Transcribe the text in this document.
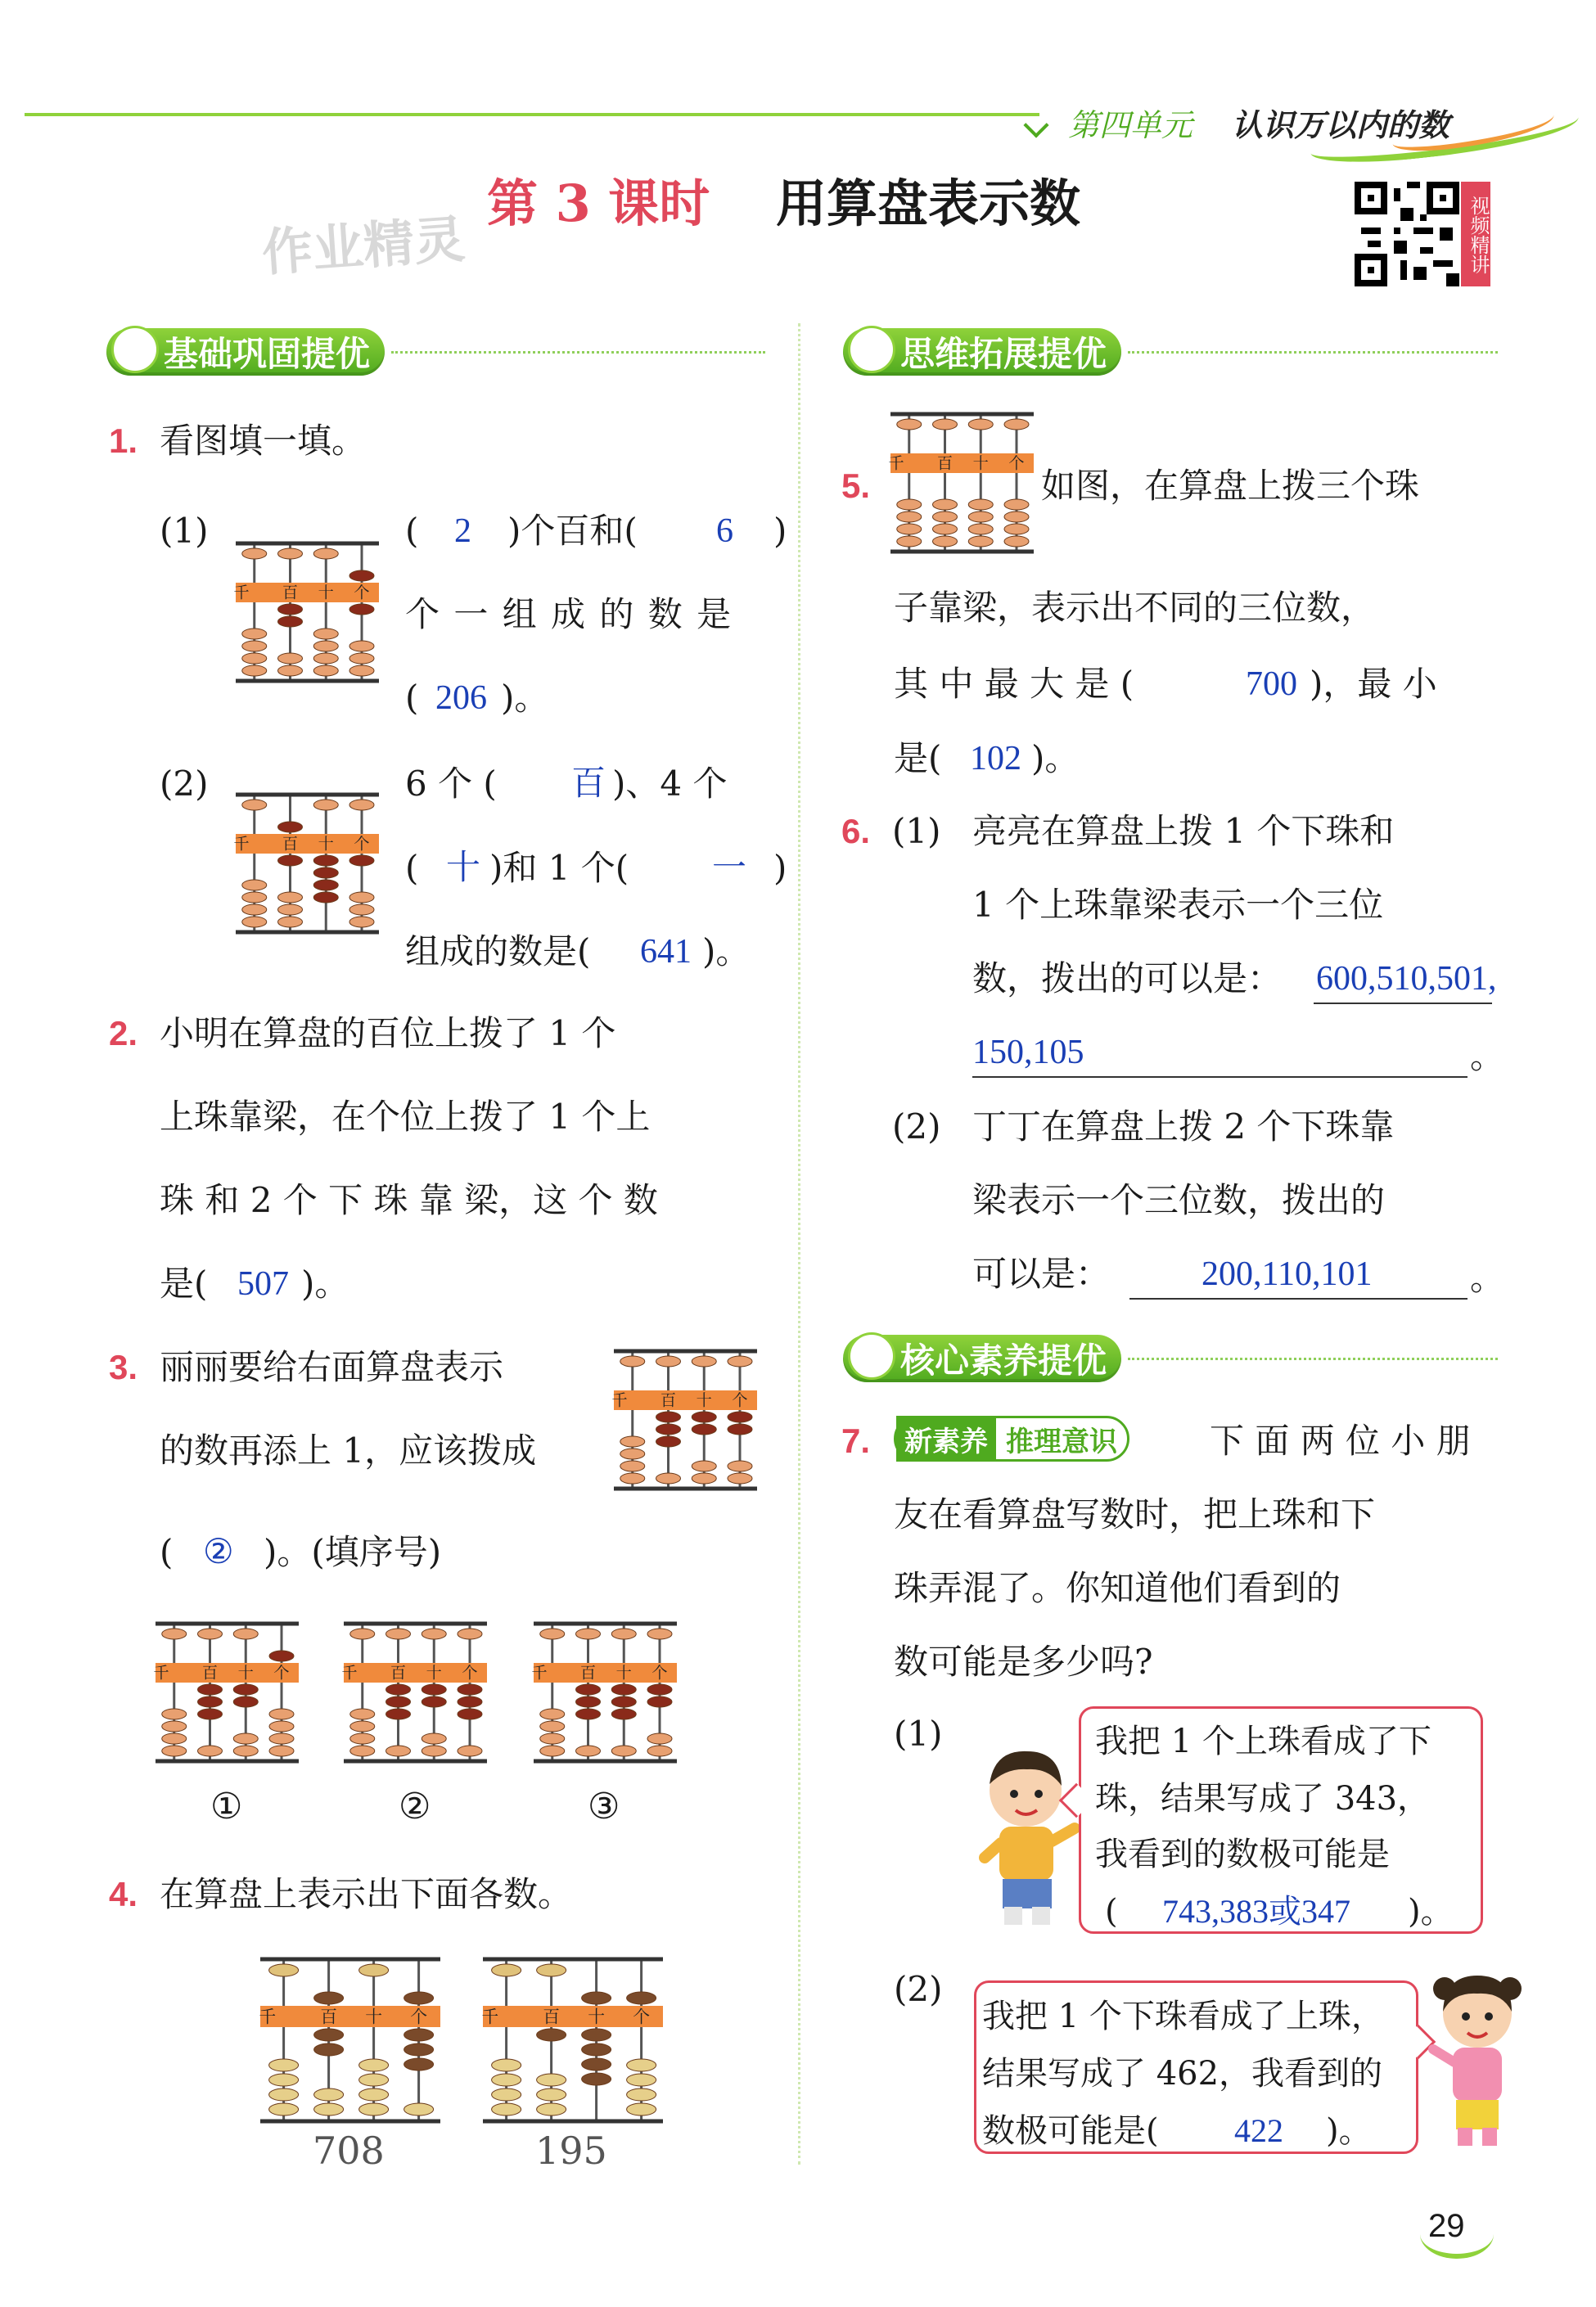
第四单元 认识万以内的数
作业精灵
第 3 课时 用算盘表示数	视频精讲
基础巩固提优	思维拓展提优
核心素养提优
1. 看图填一填。
(1)
千 百 十 个
( 2 )个百和( 6 )
个 一 组 成 的 数 是
( 206 )。
(2)
千 百 十 个
6 个 ( 百 )、4 个
( 十 )和 1 个( 一 )
组成的数是( 641 )。
2. 小明在算盘的百位上拨了 1 个
上珠靠梁，在个位上拨了 1 个上
珠 和 2 个 下 珠 靠 梁，这 个 数
是( 507 )。
3. 丽丽要给右面算盘表示
的数再添上 1，应该拨成
千 百 十 个
( ② )。(填序号)
千 百 十 个	千 百 十 个	千 百 十 个
①	②	③
4. 在算盘上表示出下面各数。
千	百 十 个	千	百 十 个
708	195
千 百 十 个
5.	如图，在算盘上拨三个珠
子靠梁，表示出不同的三位数，
其 中 最 大 是 (	700 )，最 小
是( 102 )。
6. (1) 亮亮在算盘上拨 1 个下珠和
1 个上珠靠梁表示一个三位
数，拨出的可以是： 600,510,501,
150,105	。
(2) 丁丁在算盘上拨 2 个下珠靠
梁表示一个三位数，拨出的
可以是：	200,110,101	。
7. 新素养 推理意识	下 面 两 位 小 朋
友在看算盘写数时，把上珠和下
珠弄混了。你知道他们看到的
数可能是多少吗?
(1)	我把 1 个上珠看成了下
珠，结果写成了 343，
我看到的数极可能是
( 743,383或347 )。
(2)
我把 1 个下珠看成了上珠，
结果写成了 462，我看到的
数极可能是( 422 )。
29
